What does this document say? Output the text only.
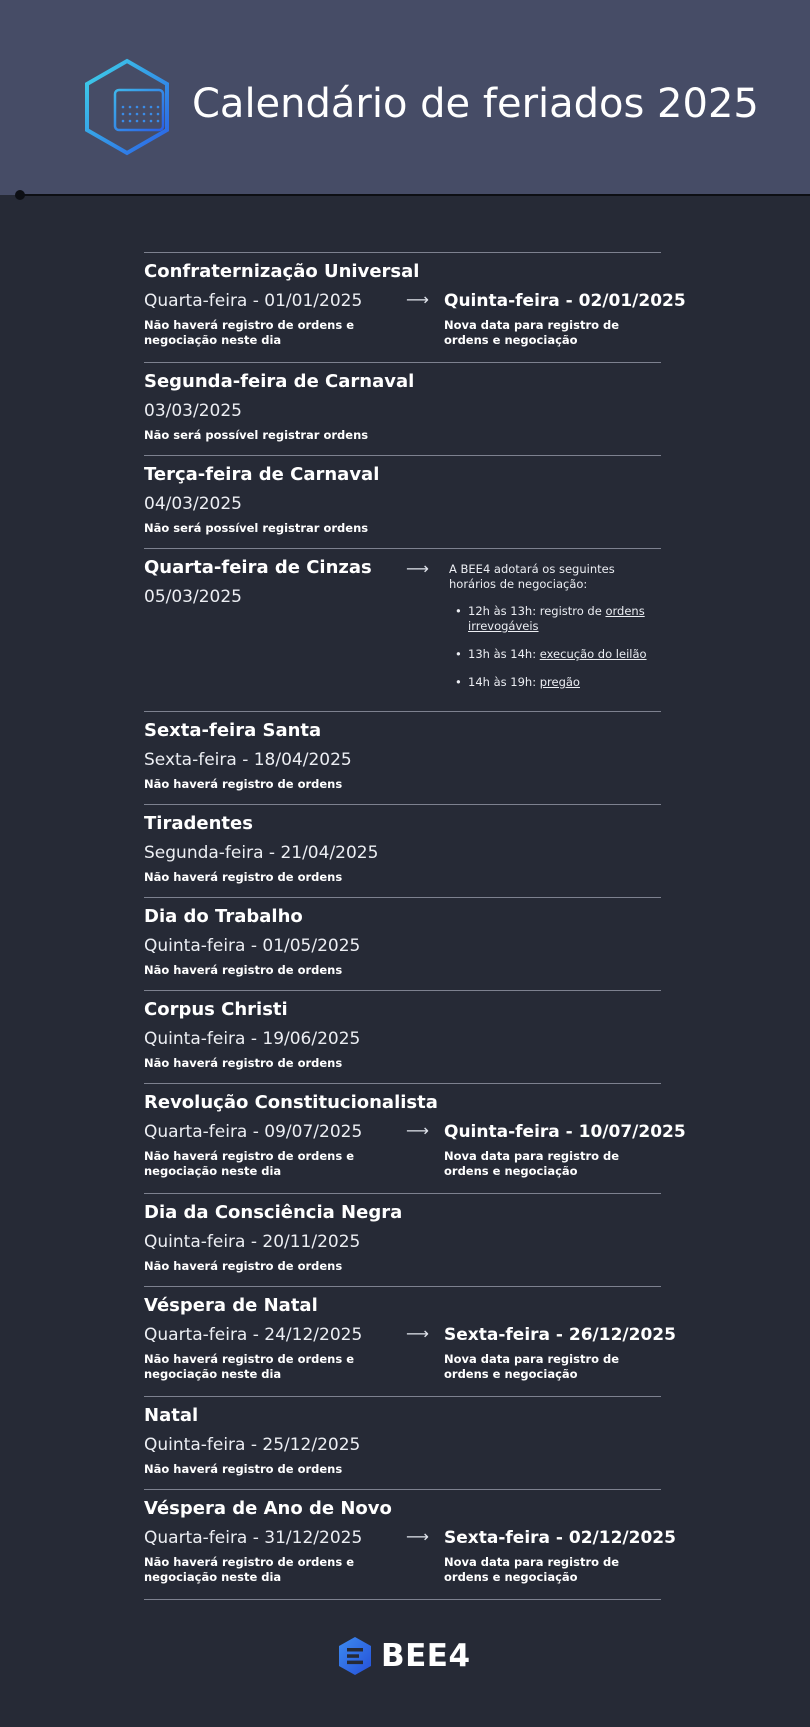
Calendário de feriados 2025
Confraternização Universal
Quarta-feira - 01/01/2025
Não haverá registro de ordens e negociação neste dia
⟶ Quinta-feira - 02/01/2025
Nova data para registro de ordens e negociação
Segunda-feira de Carnaval
03/03/2025
Não será possível registrar ordens
Terça-feira de Carnaval
04/03/2025
Não será possível registrar ordens
Quarta-feira de Cinzas
05/03/2025
⟶ A BEE4 adotará os seguintes horários de negociação:
• 12h às 13h: registro de ordens irrevogáveis
• 13h às 14h: execução do leilão
• 14h às 19h: pregão
Sexta-feira Santa
Sexta-feira - 18/04/2025
Não haverá registro de ordens
Tiradentes
Segunda-feira - 21/04/2025
Não haverá registro de ordens
Dia do Trabalho
Quinta-feira - 01/05/2025
Não haverá registro de ordens
Corpus Christi
Quinta-feira - 19/06/2025
Não haverá registro de ordens
Revolução Constitucionalista
Quarta-feira - 09/07/2025
Não haverá registro de ordens e negociação neste dia
⟶ Quinta-feira - 10/07/2025
Nova data para registro de ordens e negociação
Dia da Consciência Negra
Quinta-feira - 20/11/2025
Não haverá registro de ordens
Véspera de Natal
Quarta-feira - 24/12/2025
Não haverá registro de ordens e negociação neste dia
⟶ Sexta-feira - 26/12/2025
Nova data para registro de ordens e negociação
Natal
Quinta-feira - 25/12/2025
Não haverá registro de ordens
Véspera de Ano de Novo
Quarta-feira - 31/12/2025
Não haverá registro de ordens e negociação neste dia
⟶ Sexta-feira - 02/12/2025
Nova data para registro de ordens e negociação
BEE4
